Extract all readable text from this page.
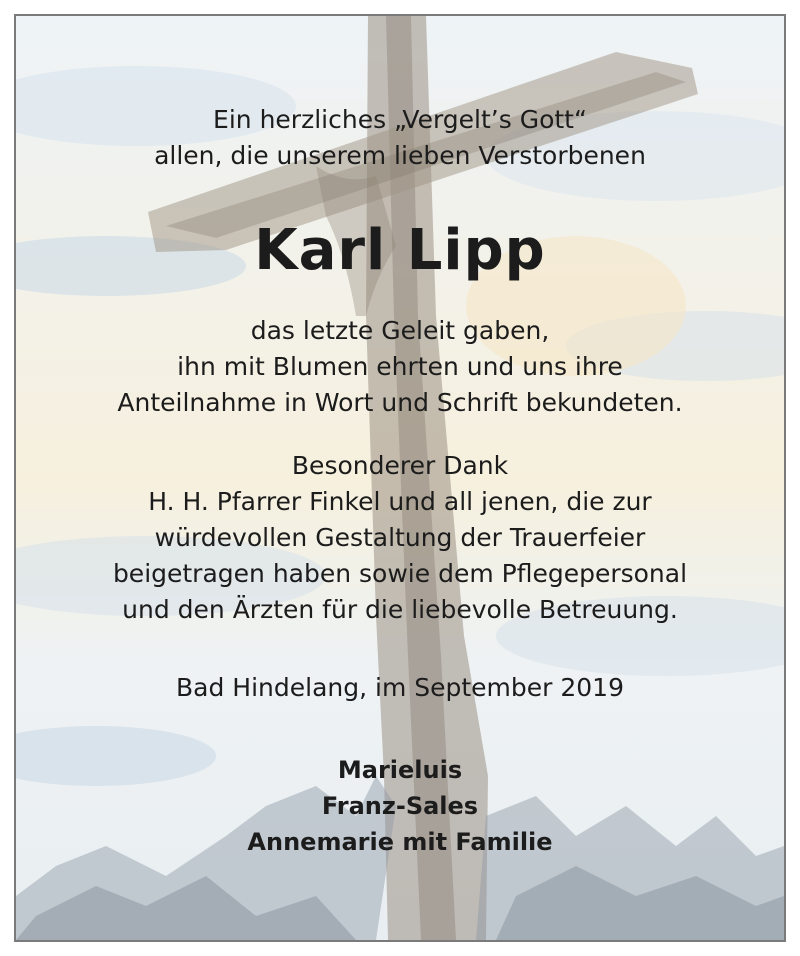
Ein herzliches „Vergelt’s Gott“
allen, die unserem lieben Verstorbenen
Karl Lipp
das letzte Geleit gaben,
ihn mit Blumen ehrten und uns ihre
Anteilnahme in Wort und Schrift bekundeten.
Besonderer Dank
H. H. Pfarrer Finkel und all jenen, die zur
würdevollen Gestaltung der Trauerfeier
beigetragen haben sowie dem Pflegepersonal
und den Ärzten für die liebevolle Betreuung.
Bad Hindelang, im September 2019
Marieluis
Franz-Sales
Annemarie mit Familie
